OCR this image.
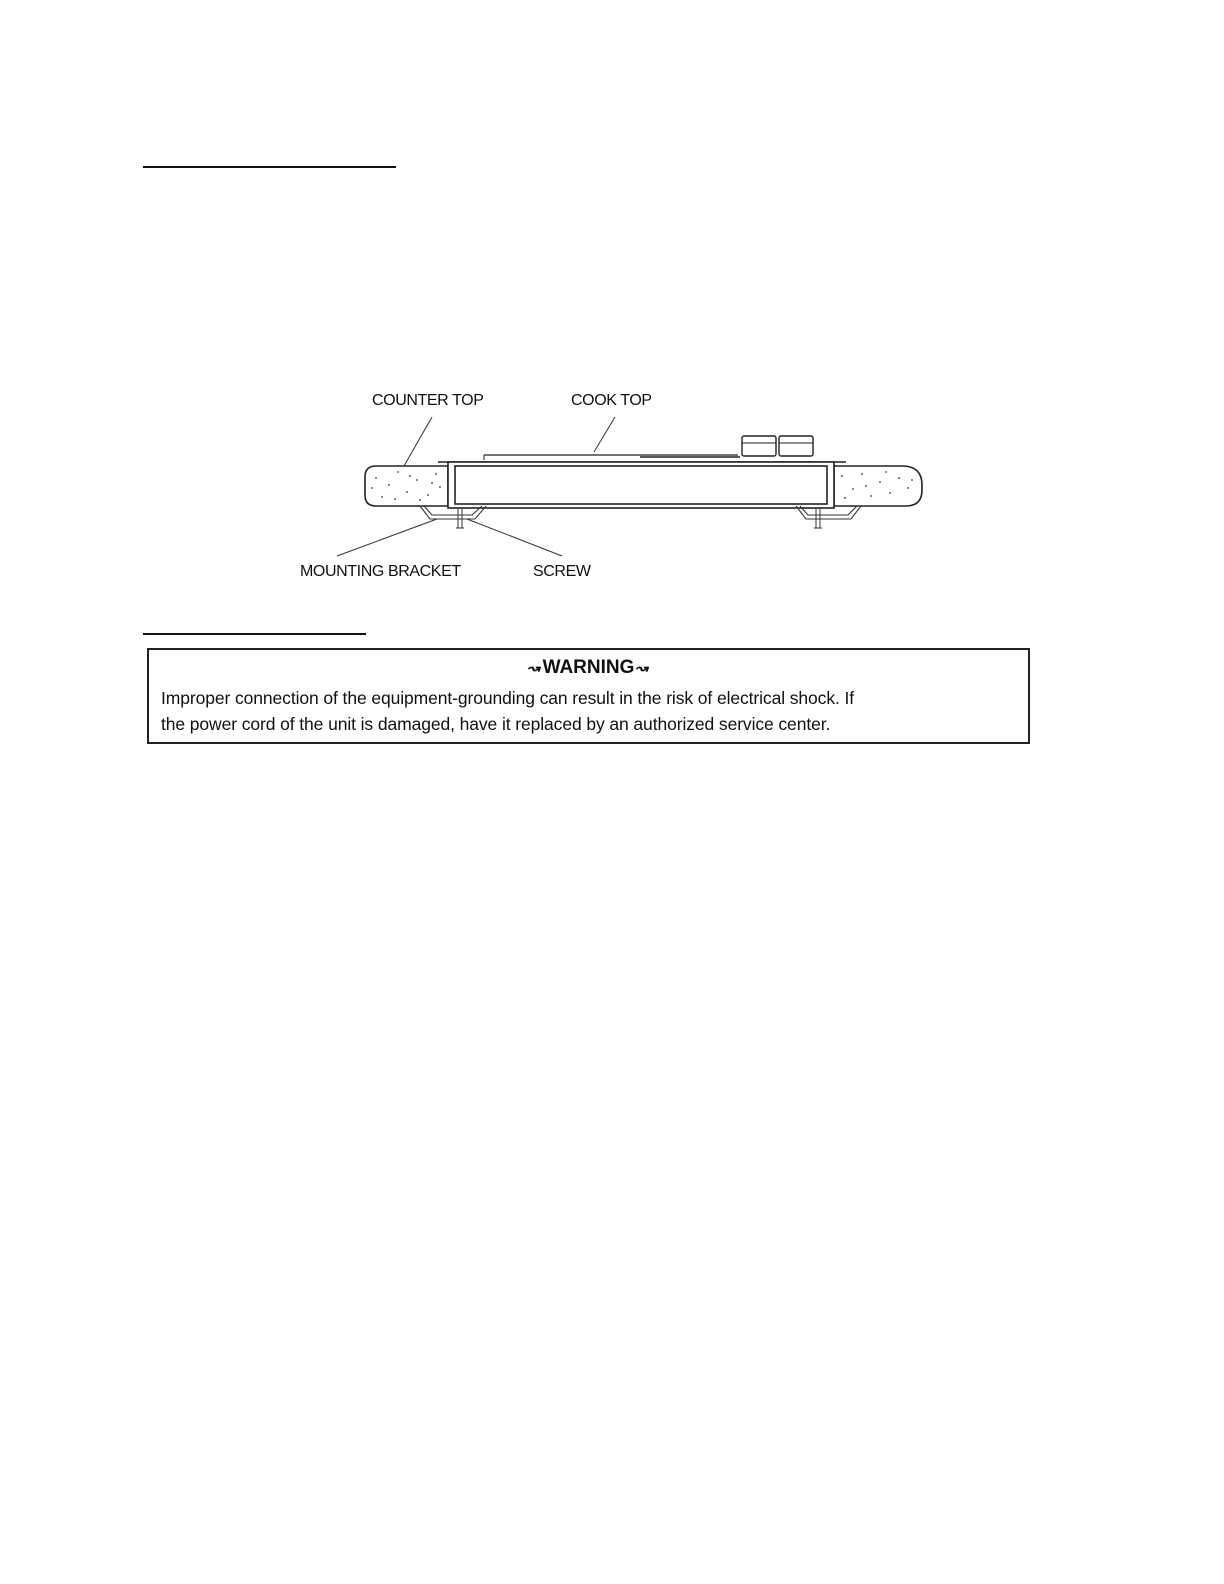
COUNTER TOP	COOK TOP
MOUNTING BRACKET	SCREW
↝WARNING↝
Improper connection of the equipment-grounding can result in the risk of electrical shock. If
the power cord of the unit is damaged, have it replaced by an authorized service center.
